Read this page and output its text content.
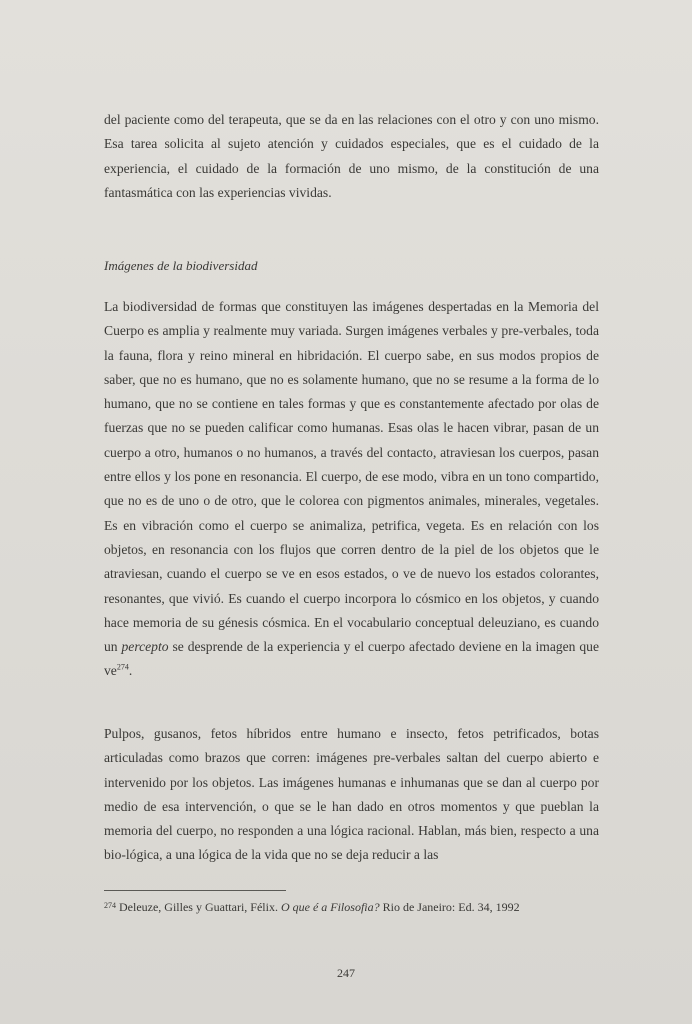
del paciente como del terapeuta, que se da en las relaciones con el otro y con uno mismo. Esa tarea solicita al sujeto atención y cuidados especiales, que es el cuidado de la experiencia, el cuidado de la formación de uno mismo, de la constitución de una fantasmática con las experiencias vividas.

Imágenes de la biodiversidad

La biodiversidad de formas que constituyen las imágenes despertadas en la Memoria del Cuerpo es amplia y realmente muy variada. Surgen imágenes verbales y pre-verbales, toda la fauna, flora y reino mineral en hibridación. El cuerpo sabe, en sus modos propios de saber, que no es humano, que no es solamente humano, que no se resume a la forma de lo humano, que no se contiene en tales formas y que es constantemente afectado por olas de fuerzas que no se pueden calificar como humanas. Esas olas le hacen vibrar, pasan de un cuerpo a otro, humanos o no humanos, a través del contacto, atraviesan los cuerpos, pasan entre ellos y los pone en resonancia. El cuerpo, de ese modo, vibra en un tono compartido, que no es de uno o de otro, que le colorea con pigmentos animales, minerales, vegetales. Es en vibración como el cuerpo se animaliza, petrifica, vegeta. Es en relación con los objetos, en resonancia con los flujos que corren dentro de la piel de los objetos que le atraviesan, cuando el cuerpo se ve en esos estados, o ve de nuevo los estados colorantes, resonantes, que vivió. Es cuando el cuerpo incorpora lo cósmico en los objetos, y cuando hace memoria de su génesis cósmica. En el vocabulario conceptual deleuziano, es cuando un percepto se desprende de la experiencia y el cuerpo afectado deviene en la imagen que $ve^{274}$.

Pulpos, gusanos, fetos híbridos entre humano e insecto, fetos petrificados, botas articuladas como brazos que corren: imágenes pre-verbales saltan del cuerpo abierto e intervenido por los objetos. Las imágenes humanas e inhumanas que se dan al cuerpo por medio de esa intervención, o que se le han dado en otros momentos y que pueblan la memoria del cuerpo, no responden a una lógica racional. Hablan, más bien, respecto a una bio-lógica, a una lógica de la vida que no se deja reducir a las

$^{274}$ Deleuze, Gilles y Guattari, Félix. O que é a Filosofia? Rio de Janeiro: Ed. 34, 1992
247
